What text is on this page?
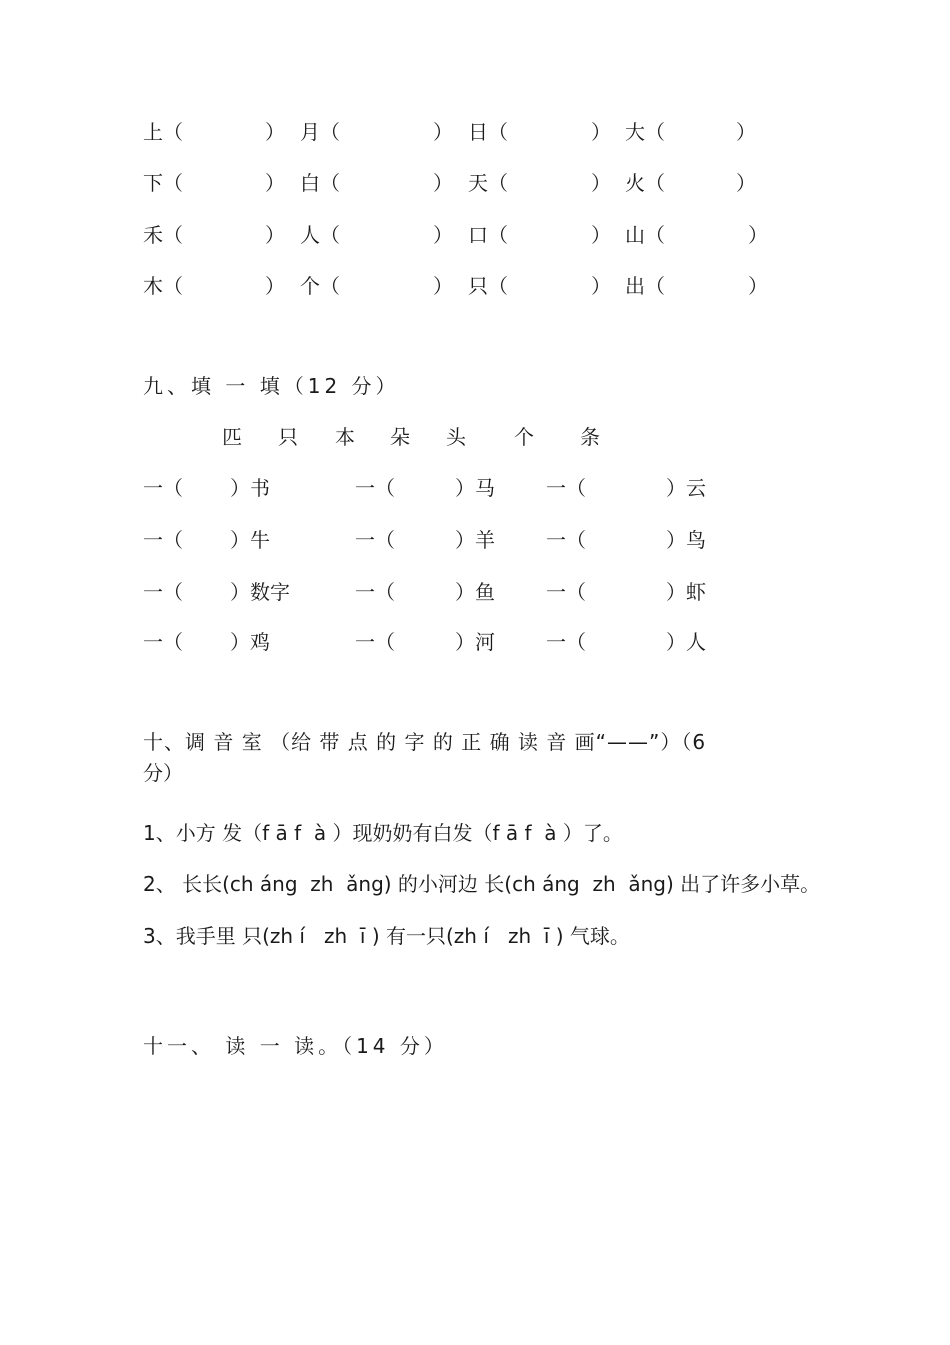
上（	） 月（	） 日（	） 大（	）
下（	） 白（	） 天（	） 火（	）
禾（	） 人（	） 口（	） 山（	）
木（	） 个（	） 只（	） 出（	）
九、填 一 填（12 分）
匹 只 本 朵 头 个 条
一（ ）书	一（	）马	一（	）云
一（ ）牛	一（	）羊	一（	）鸟
一（ ）数字	一（	）鱼	一（	）虾
一（ ）鸡	一（	）河	一（	）人
十、调 音 室 （给 带 点 的 字 的 正 确 读 音 画“——”）（6
分）
1、小方 发（f ā f  à ）现奶奶有白发（f ā f  à ）了。
2、 长长(ch áng  zh  ǎng) 的小河边 长(ch áng  zh  ǎng) 出了许多小草。
3、我手里 只(zh í   zh  ī ) 有一只(zh í   zh  ī ) 气球。
十一、 读 一 读。（14 分）
